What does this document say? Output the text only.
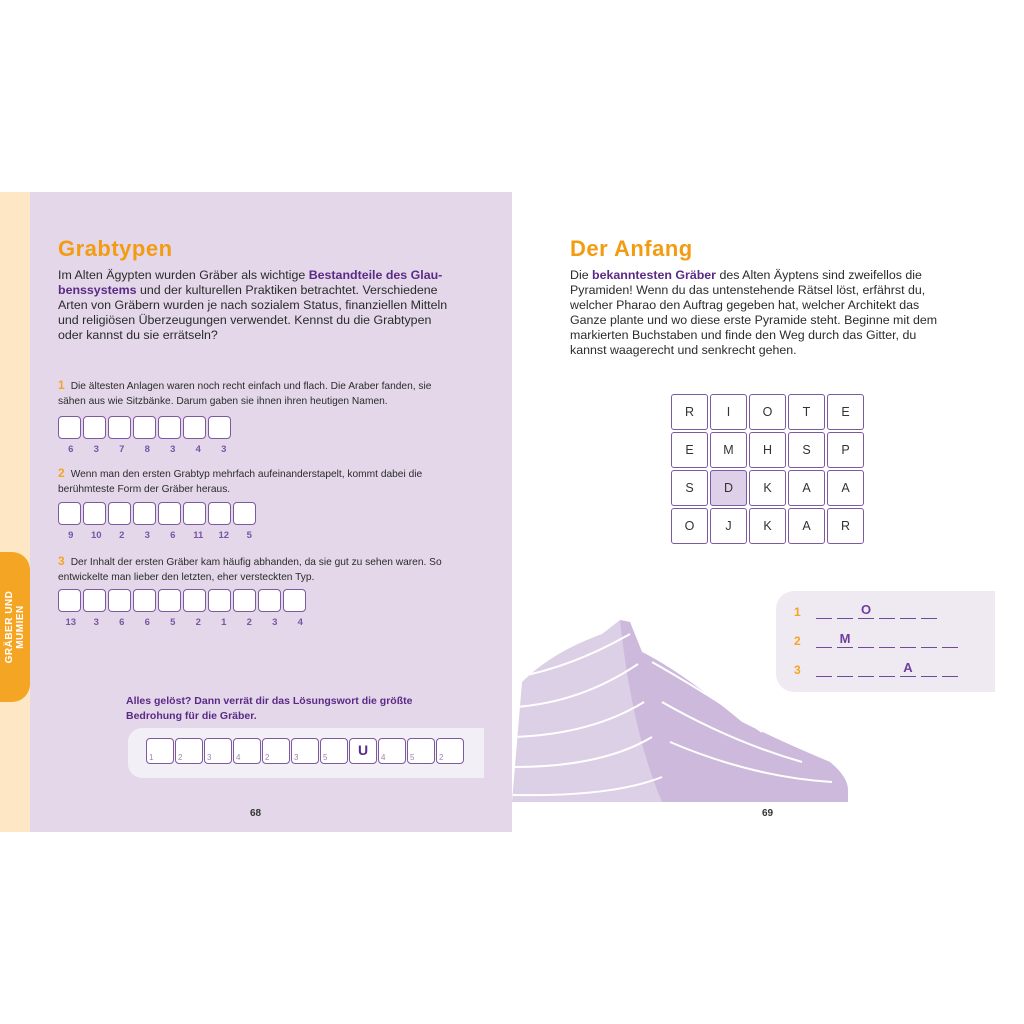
GRÄBER UND MUMIEN
Grabtypen

Im Alten Ägypten wurden Gräber als wichtige Bestandteile des Glau-benssystems und der kulturellen Praktiken betrachtet. Verschiedene Arten von Gräbern wurden je nach sozialem Status, finanziellen Mitteln und religiösen Überzeugungen verwendet. Kennst du die Grabtypen oder kannst du sie errätseln?

1 Die ältesten Anlagen waren noch recht einfach und flach. Die Araber fanden, sie sähen aus wie Sitzbänke. Darum gaben sie ihnen ihren heutigen Namen.
6	3	7	8	3	4	3
2 Wenn man den ersten Grabtyp mehrfach aufeinanderstapelt, kommt dabei die berühmteste Form der Gräber heraus.
9	10	2	3	6	11	12	5
3 Der Inhalt der ersten Gräber kam häufig abhanden, da sie gut zu sehen waren. So entwickelte man lieber den letzten, eher versteckten Typ.
13	3	6	6	5	2	1	2	3	4
Alles gelöst? Dann verrät dir das Lösungswort die größte Bedrohung für die Gräber.
1	2	3	4	2	3	5	U	4	5	2
68
Der Anfang

Die bekanntesten Gräber des Alten Äyptens sind zweifellos die Pyramiden! Wenn du das untenstehende Rätsel löst, erfährst du, welcher Pharao den Auftrag gegeben hat, welcher Architekt das Ganze plante und wo diese erste Pyramide steht. Beginne mit dem markierten Buchstaben und finde den Weg durch das Gitter, du kannst waagerecht und senkrecht gehen.

R	I	O	T	E
E	M	H	S	P
S	D	K	A	A
O	J	K	A	R
1	O
2	M
3	A
69
